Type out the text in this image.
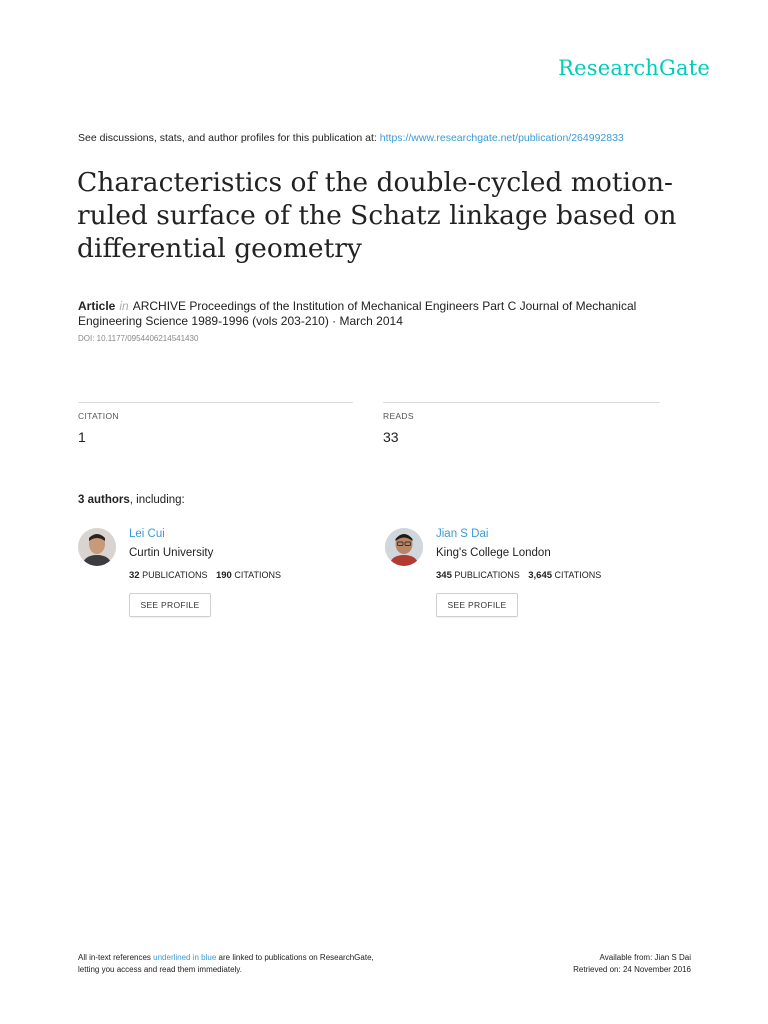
ResearchGate
See discussions, stats, and author profiles for this publication at: https://www.researchgate.net/publication/264992833
Characteristics of the double-cycled motion-ruled surface of the Schatz linkage based on differential geometry
Article in ARCHIVE Proceedings of the Institution of Mechanical Engineers Part C Journal of Mechanical Engineering Science 1989-1996 (vols 203-210) · March 2014
DOI: 10.1177/0954406214541430
CITATION
1
READS
33
3 authors, including:
Lei Cui
Curtin University
32 PUBLICATIONS 190 CITATIONS
SEE PROFILE
Jian S Dai
King's College London
345 PUBLICATIONS 3,645 CITATIONS
SEE PROFILE
All in-text references underlined in blue are linked to publications on ResearchGate,
letting you access and read them immediately.
Available from: Jian S Dai
Retrieved on: 24 November 2016
